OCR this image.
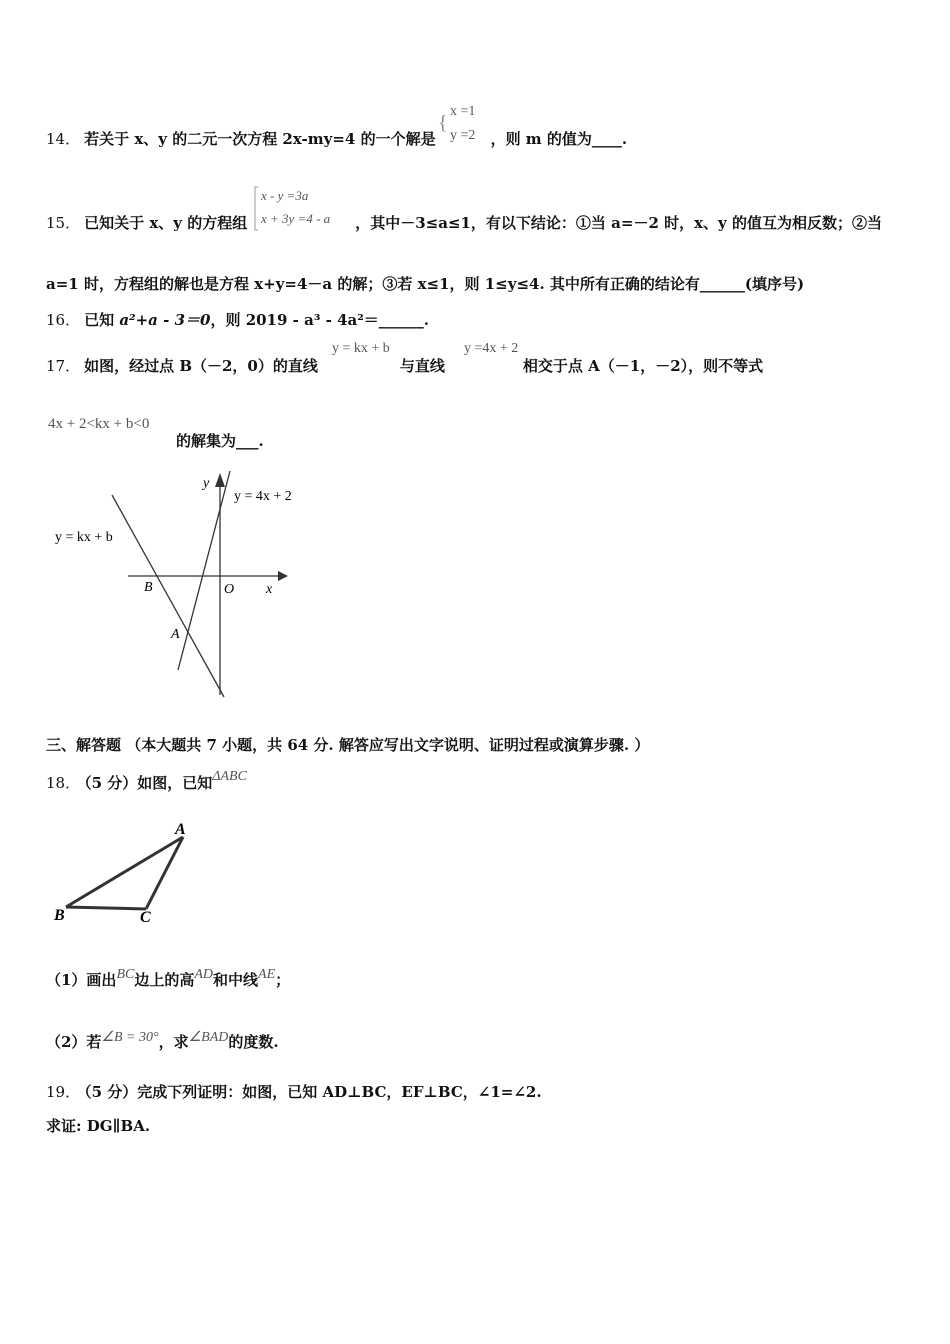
{
x =1
y =2
14． 若关于 x、y 的二元一次方程 2x-my=4 的一个解是	，则 m 的值为____.
x - y =3a
x + 3y =4 - a
15． 已知关于 x、y 的方程组	，其中－3≤a≤1，有以下结论：①当 a=－2 时，x、y 的值互为相反数；②当
a=1 时，方程组的解也是方程 x+y=4－a 的解；③若 x≤1，则 1≤y≤4. 其中所有正确的结论有______(填序号)
16． 已知 a²+a - 3＝0，则 2019 - a³ - 4a²＝______.
y = kx + b	y =4x + 2
17． 如图，经过点 B（－2，0）的直线	与直线	相交于点 A（－1，－2），则不等式
4x + 2<kx + b<0
的解集为___.
y
x
O
B
A
y = 4x + 2
y = kx + b
三、解答题 （本大题共 7 小题，共 64 分. 解答应写出文字说明、证明过程或演算步骤. ）
18． （5 分）如图，已知ΔABC
A
B	C
（1）画出BC边上的高AD和中线AE；
（2）若∠B = 30°，求∠BAD的度数.
19． （5 分）完成下列证明：如图，已知 AD⊥BC，EF⊥BC，∠1=∠2.
求证: DG∥BA.
